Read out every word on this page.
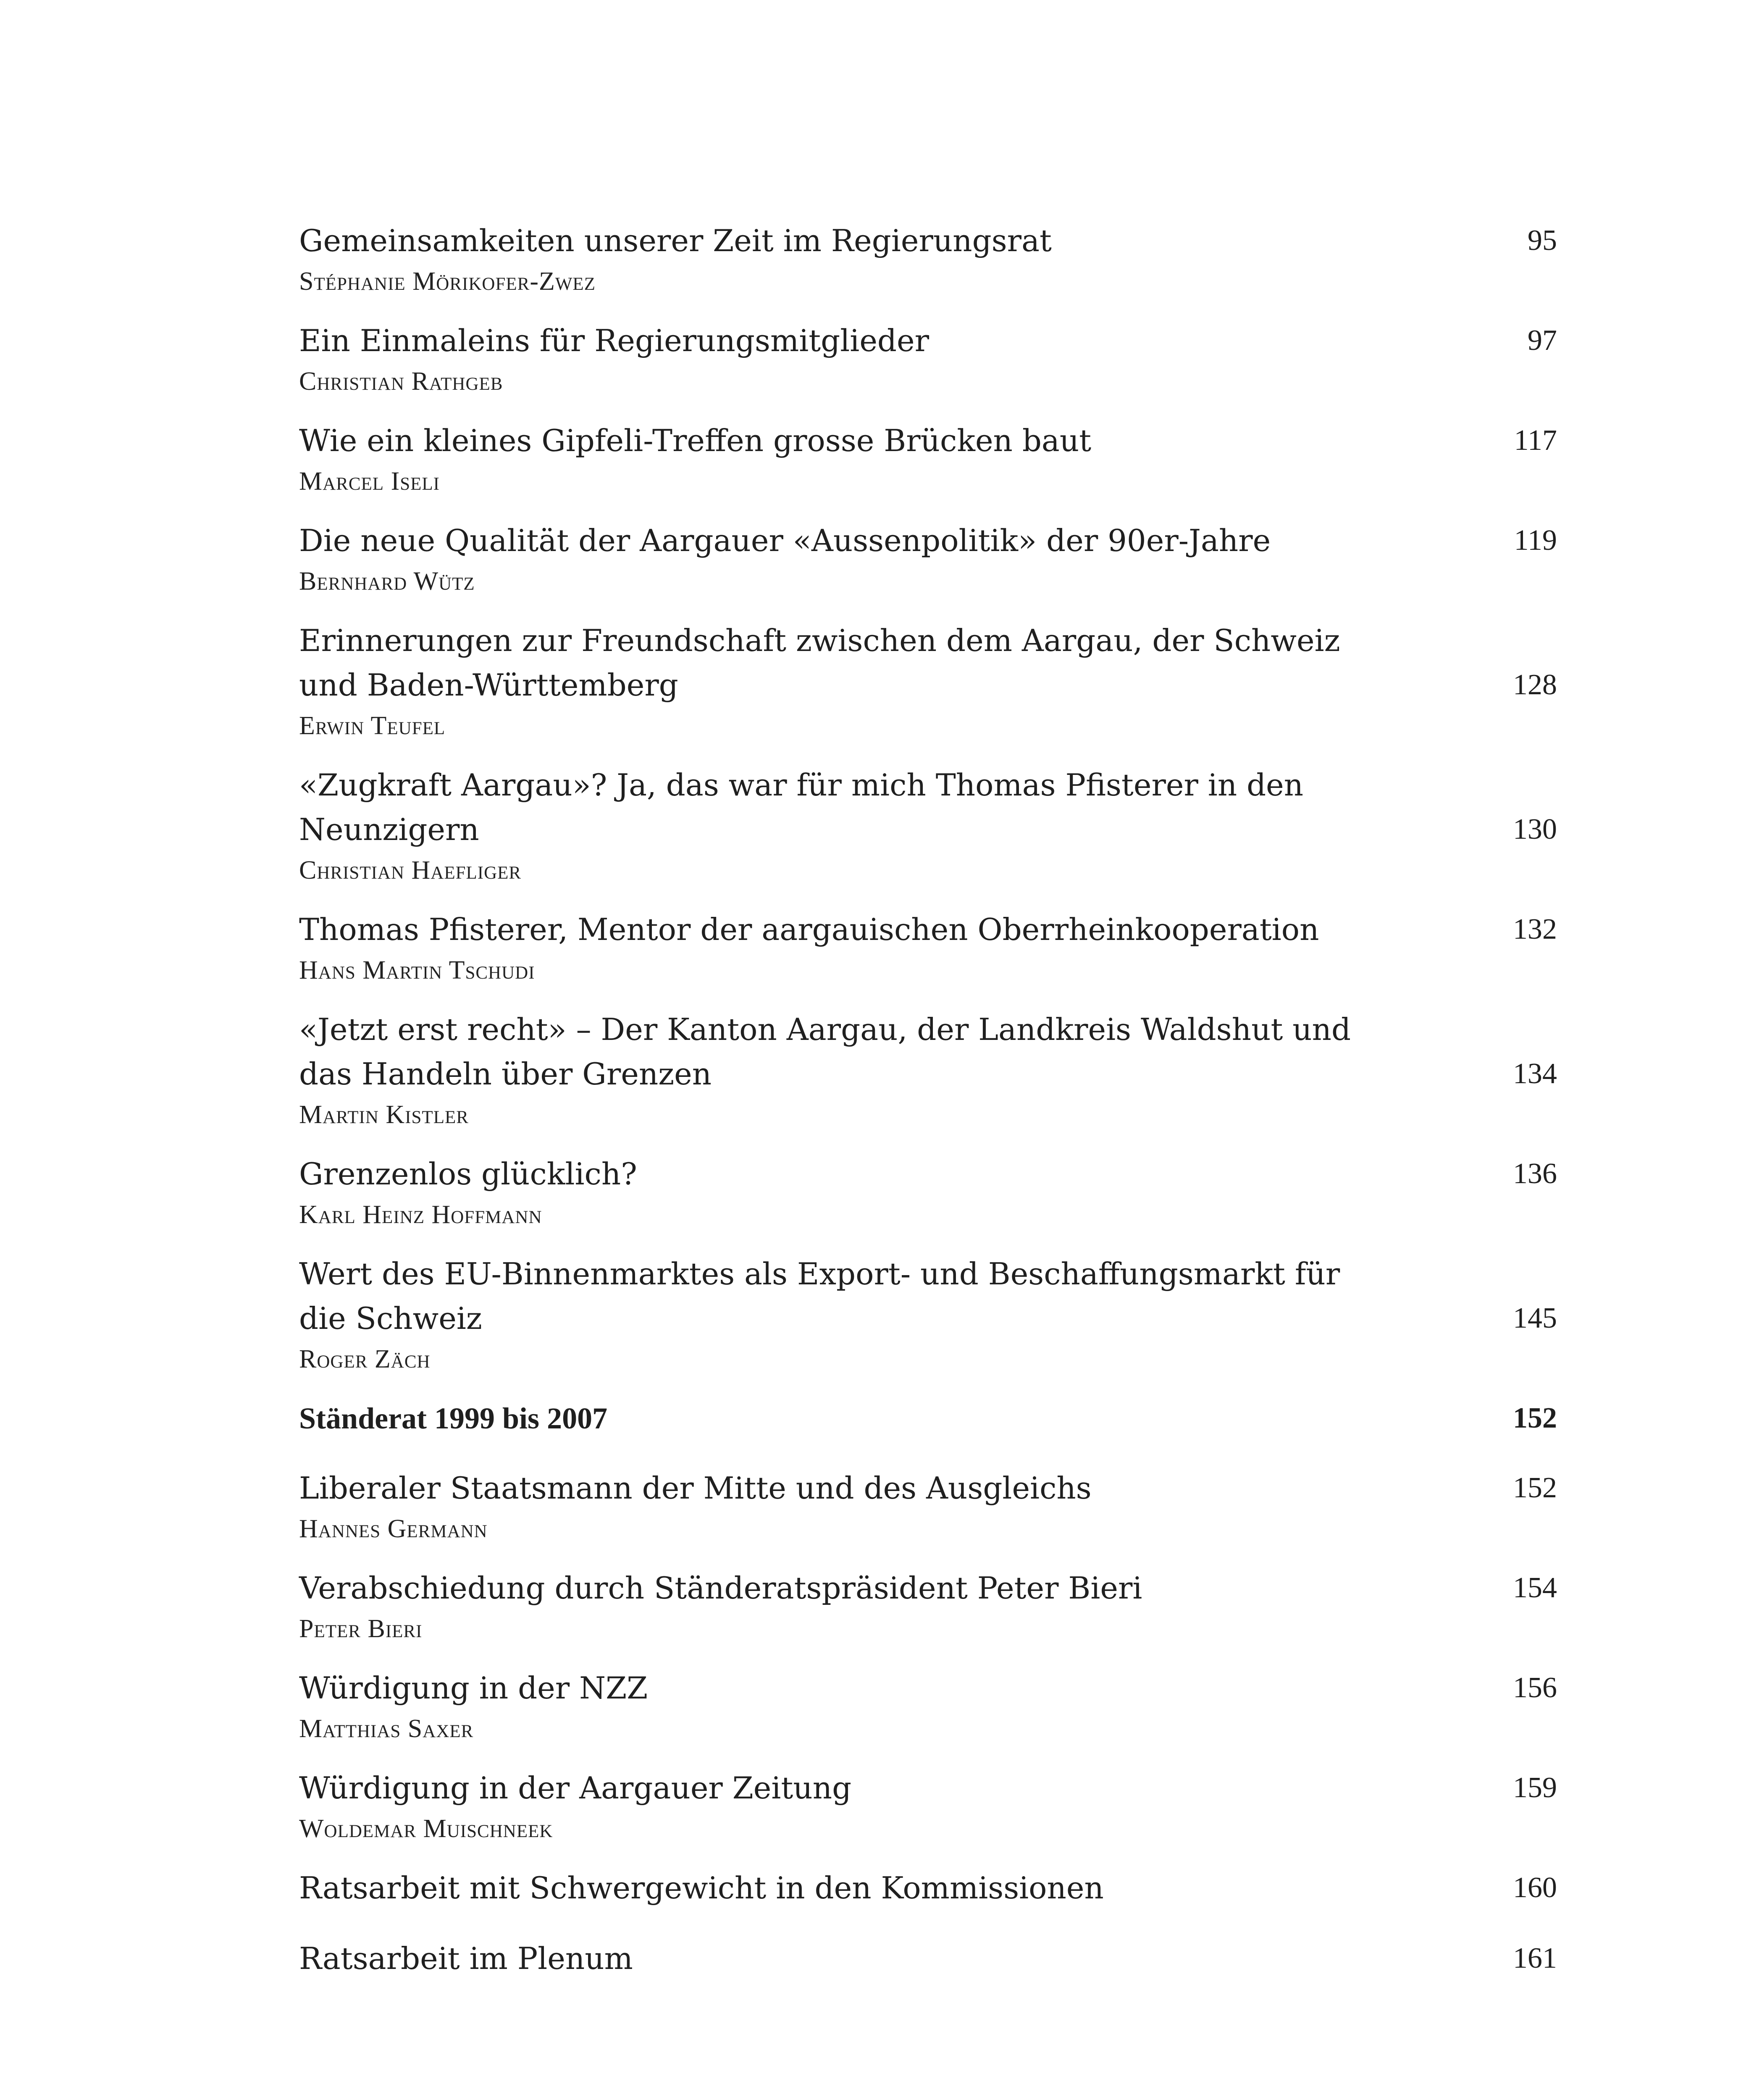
Gemeinsamkeiten unserer Zeit im Regierungsrat	95
Stéphanie Mörikofer-Zwez
Ein Einmaleins für Regierungsmitglieder	97
Christian Rathgeb
Wie ein kleines Gipfeli-Treffen grosse Brücken baut	117
Marcel Iseli
Die neue Qualität der Aargauer «Aussenpolitik» der 90er-Jahre	119
Bernhard Wütz
Erinnerungen zur Freundschaft zwischen dem Aargau, der Schweiz und Baden-Württemberg	128
Erwin Teufel
«Zugkraft Aargau»? Ja, das war für mich Thomas Pfisterer in den Neunzigern	130
Christian Haefliger
Thomas Pfisterer, Mentor der aargauischen Oberrheinkooperation	132
Hans Martin Tschudi
«Jetzt erst recht» – Der Kanton Aargau, der Landkreis Waldshut und das Handeln über Grenzen	134
Martin Kistler
Grenzenlos glücklich?	136
Karl Heinz Hoffmann
Wert des EU-Binnenmarktes als Export- und Beschaffungsmarkt für die Schweiz	145
Roger Zäch
Ständerat 1999 bis 2007	152
Liberaler Staatsmann der Mitte und des Ausgleichs	152
Hannes Germann
Verabschiedung durch Ständeratspräsident Peter Bieri	154
Peter Bieri
Würdigung in der NZZ	156
Matthias Saxer
Würdigung in der Aargauer Zeitung	159
Woldemar Muischneek
Ratsarbeit mit Schwergewicht in den Kommissionen	160
Ratsarbeit im Plenum	161
